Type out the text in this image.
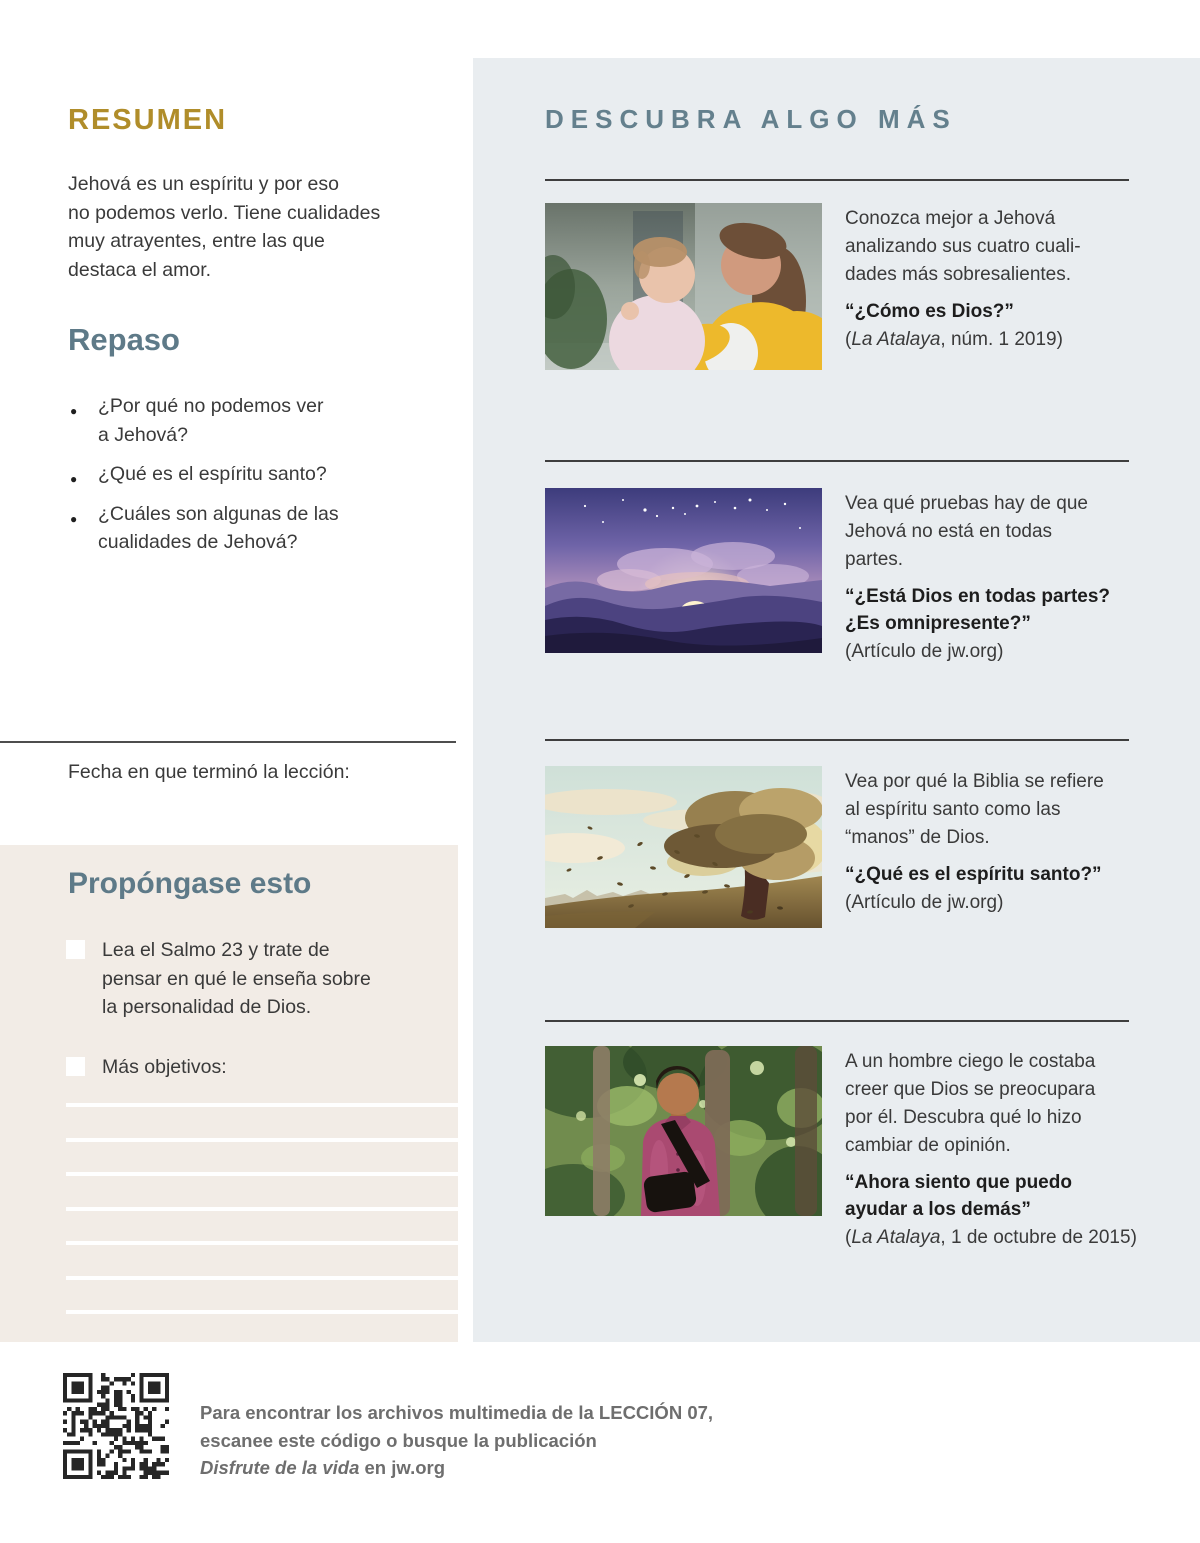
RESUMEN
Jehová es un espíritu y por eso
no podemos verlo. Tiene cualidades
muy atrayentes, entre las que
destaca el amor.
Repaso
● ¿Por qué no podemos ver
a Jehová?
● ¿Qué es el espíritu santo?
● ¿Cuáles son algunas de las
cualidades de Jehová?
Fecha en que terminó la lección:
Propóngase esto
Lea el Salmo 23 y trate de
pensar en qué le enseña sobre
la personalidad de Dios.
Más objetivos:
DESCUBRA ALGO MÁS
Conozca mejor a Jehová
analizando sus cuatro cuali-
dades más sobresalientes.
“¿Cómo es Dios?”
(La Atalaya, núm. 1 2019)
Vea qué pruebas hay de que
Jehová no está en todas
partes.
“¿Está Dios en todas partes?
¿Es omnipresente?”
(Artículo de jw.org)
Vea por qué la Biblia se refiere
al espíritu santo como las
“manos” de Dios.
“¿Qué es el espíritu santo?”
(Artículo de jw.org)
A un hombre ciego le costaba
creer que Dios se preocupara
por él. Descubra qué lo hizo
cambiar de opinión.
“Ahora siento que puedo
ayudar a los demás”
(La Atalaya, 1 de octubre de 2015)
Para encontrar los archivos multimedia de la LECCIÓN 07,
escanee este código o busque la publicación
Disfrute de la vida en jw.org
